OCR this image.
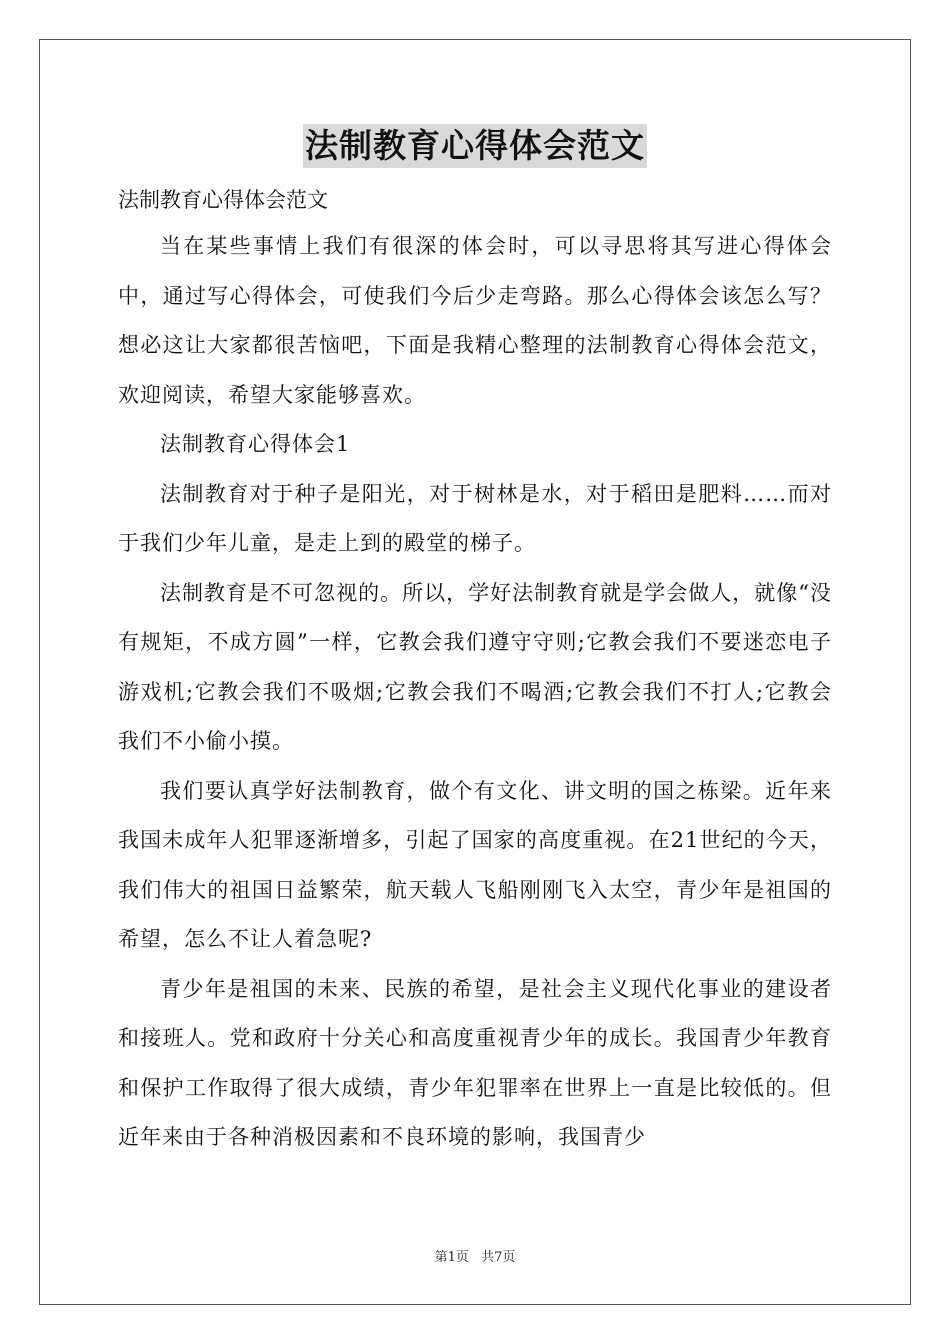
法制教育心得体会范文

法制教育心得体会范文

当在某些事情上我们有很深的体会时，可以寻思将其写进心得体会中，通过写心得体会，可使我们今后少走弯路。那么心得体会该怎么写？想必这让大家都很苦恼吧，下面是我精心整理的法制教育心得体会范文，欢迎阅读，希望大家能够喜欢。

法制教育心得体会1

法制教育对于种子是阳光，对于树林是水，对于稻田是肥料……而对于我们少年儿童，是走上到的殿堂的梯子。

法制教育是不可忽视的。所以，学好法制教育就是学会做人，就像“没有规矩，不成方圆”一样，它教会我们遵守守则;它教会我们不要迷恋电子游戏机;它教会我们不吸烟;它教会我们不喝酒;它教会我们不打人;它教会我们不小偷小摸。

我们要认真学好法制教育，做个有文化、讲文明的国之栋梁。近年来我国未成年人犯罪逐渐增多，引起了国家的高度重视。在21世纪的今天，我们伟大的祖国日益繁荣，航天载人飞船刚刚飞入太空，青少年是祖国的希望，怎么不让人着急呢?

青少年是祖国的未来、民族的希望，是社会主义现代化事业的建设者和接班人。党和政府十分关心和高度重视青少年的成长。我国青少年教育和保护工作取得了很大成绩，青少年犯罪率在世界上一直是比较低的。但近年来由于各种消极因素和不良环境的影响，我国青少

第1页 共7页
